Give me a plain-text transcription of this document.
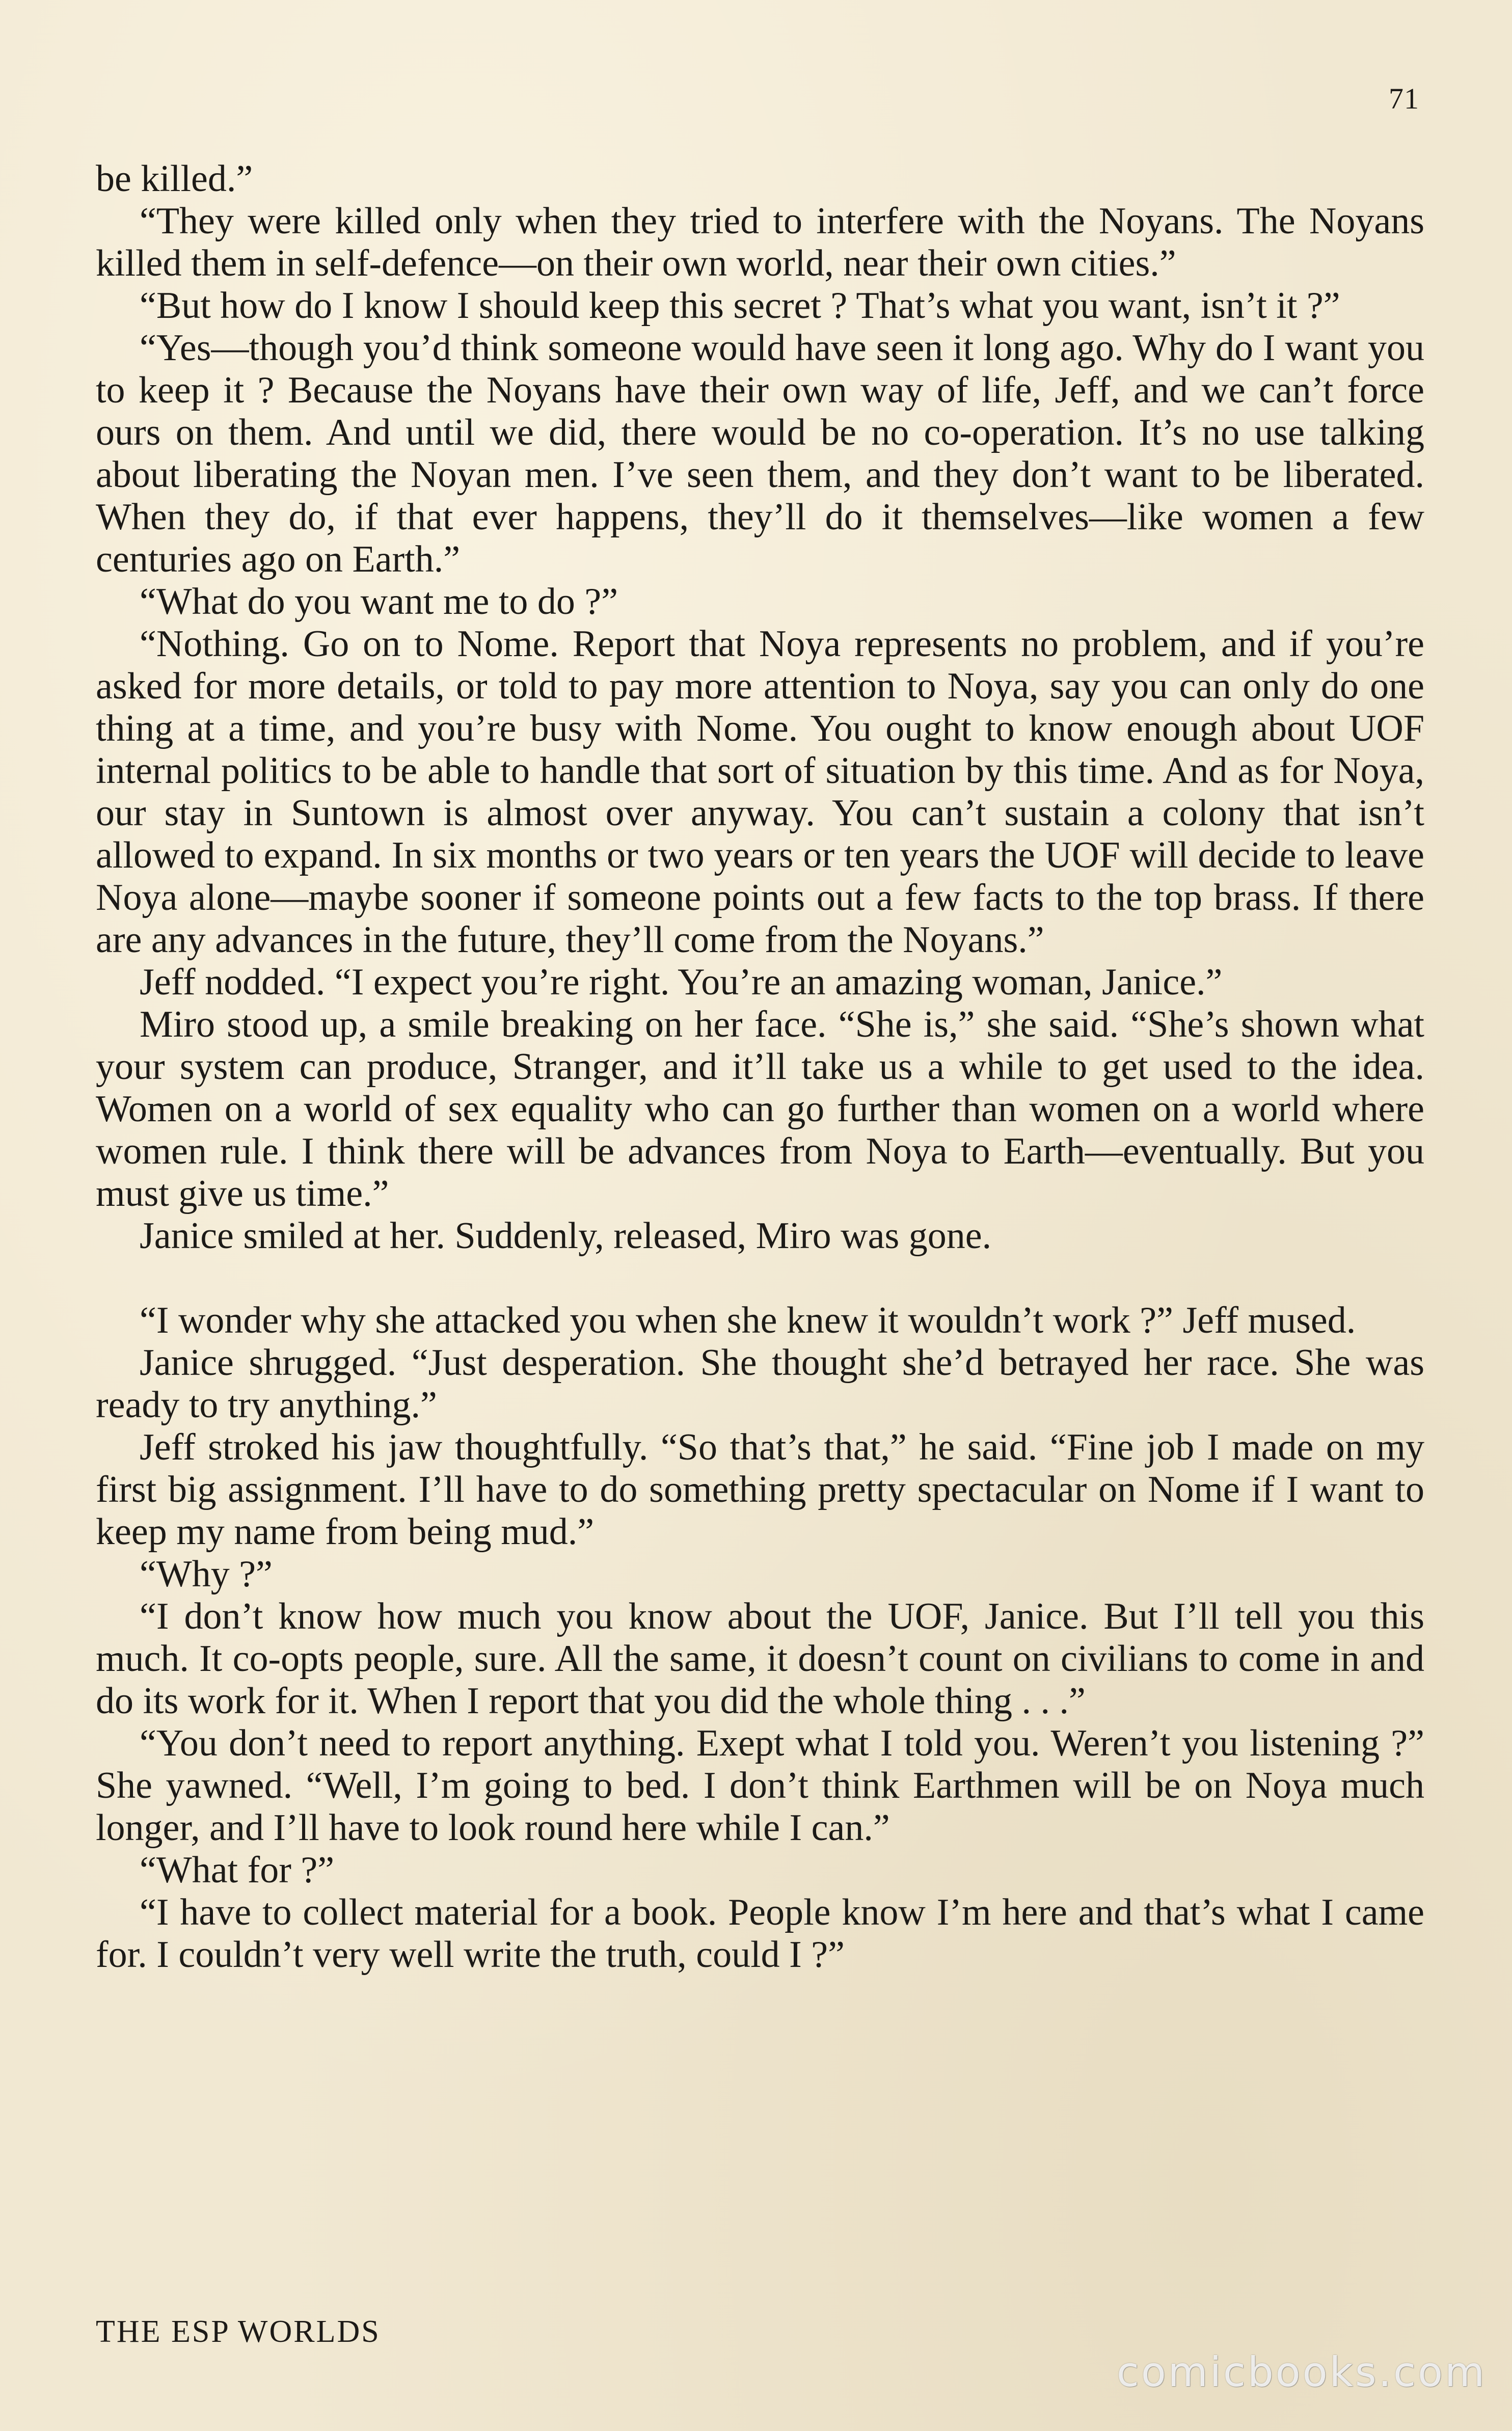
71

be killed.”

“They were killed only when they tried to interfere with the Noyans. The Noyans killed them in self-defence—on their own world, near their own cities.”

“But how do I know I should keep this secret ? That’s what you want, isn’t it ?”

“Yes—though you’d think someone would have seen it long ago. Why do I want you to keep it ? Because the Noyans have their own way of life, Jeff, and we can’t force ours on them. And until we did, there would be no co-operation. It’s no use talking about liberating the Noyan men. I’ve seen them, and they don’t want to be liberated. When they do, if that ever happens, they’ll do it themselves—like women a few centuries ago on Earth.”

“What do you want me to do ?”

“Nothing. Go on to Nome. Report that Noya represents no problem, and if you’re asked for more details, or told to pay more attention to Noya, say you can only do one thing at a time, and you’re busy with Nome. You ought to know enough about UOF internal politics to be able to handle that sort of situation by this time. And as for Noya, our stay in Suntown is almost over anyway. You can’t sustain a colony that isn’t allowed to expand. In six months or two years or ten years the UOF will decide to leave Noya alone—maybe sooner if someone points out a few facts to the top brass. If there are any advances in the future, they’ll come from the Noyans.”

Jeff nodded. “I expect you’re right. You’re an amazing woman, Janice.”

Miro stood up, a smile breaking on her face. “She is,” she said. “She’s shown what your system can produce, Stranger, and it’ll take us a while to get used to the idea. Women on a world of sex equality who can go further than women on a world where women rule. I think there will be advances from Noya to Earth—eventually. But you must give us time.”

Janice smiled at her. Suddenly, released, Miro was gone.

“I wonder why she attacked you when she knew it wouldn’t work ?” Jeff mused.

Janice shrugged. “Just desperation. She thought she’d betrayed her race. She was ready to try anything.”

Jeff stroked his jaw thoughtfully. “So that’s that,” he said. “Fine job I made on my first big assignment. I’ll have to do something pretty spectacular on Nome if I want to keep my name from being mud.”

“Why ?”

“I don’t know how much you know about the UOF, Janice. But I’ll tell you this much. It co-opts people, sure. All the same, it doesn’t count on civilians to come in and do its work for it. When I report that you did the whole thing . . .”

“You don’t need to report anything. Exept what I told you. Weren’t you listening ?” She yawned. “Well, I’m going to bed. I don’t think Earthmen will be on Noya much longer, and I’ll have to look round here while I can.”

“What for ?”

“I have to collect material for a book. People know I’m here and that’s what I came for. I couldn’t very well write the truth, could I ?”

THE ESP WORLDS
comicbooks.com
